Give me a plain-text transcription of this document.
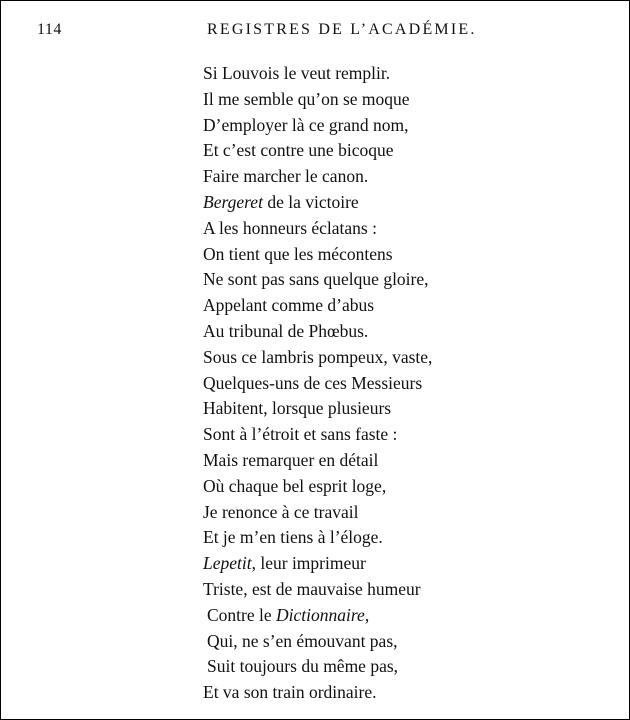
114	REGISTRES DE L’ACADÉMIE.
Si Louvois le veut remplir.
Il me semble qu’on se moque
D’employer là ce grand nom,
Et c’est contre une bicoque
Faire marcher le canon.
Bergeret de la victoire
A les honneurs éclatans :
On tient que les mécontens
Ne sont pas sans quelque gloire,
Appelant comme d’abus
Au tribunal de Phœbus.
Sous ce lambris pompeux, vaste,
Quelques-uns de ces Messieurs
Habitent, lorsque plusieurs
Sont à l’étroit et sans faste :
Mais remarquer en détail
Où chaque bel esprit loge,
Je renonce à ce travail
Et je m’en tiens à l’éloge.
Lepetit, leur imprimeur
Triste, est de mauvaise humeur
Contre le Dictionnaire,
Qui, ne s’en émouvant pas,
Suit toujours du même pas,
Et va son train ordinaire.
